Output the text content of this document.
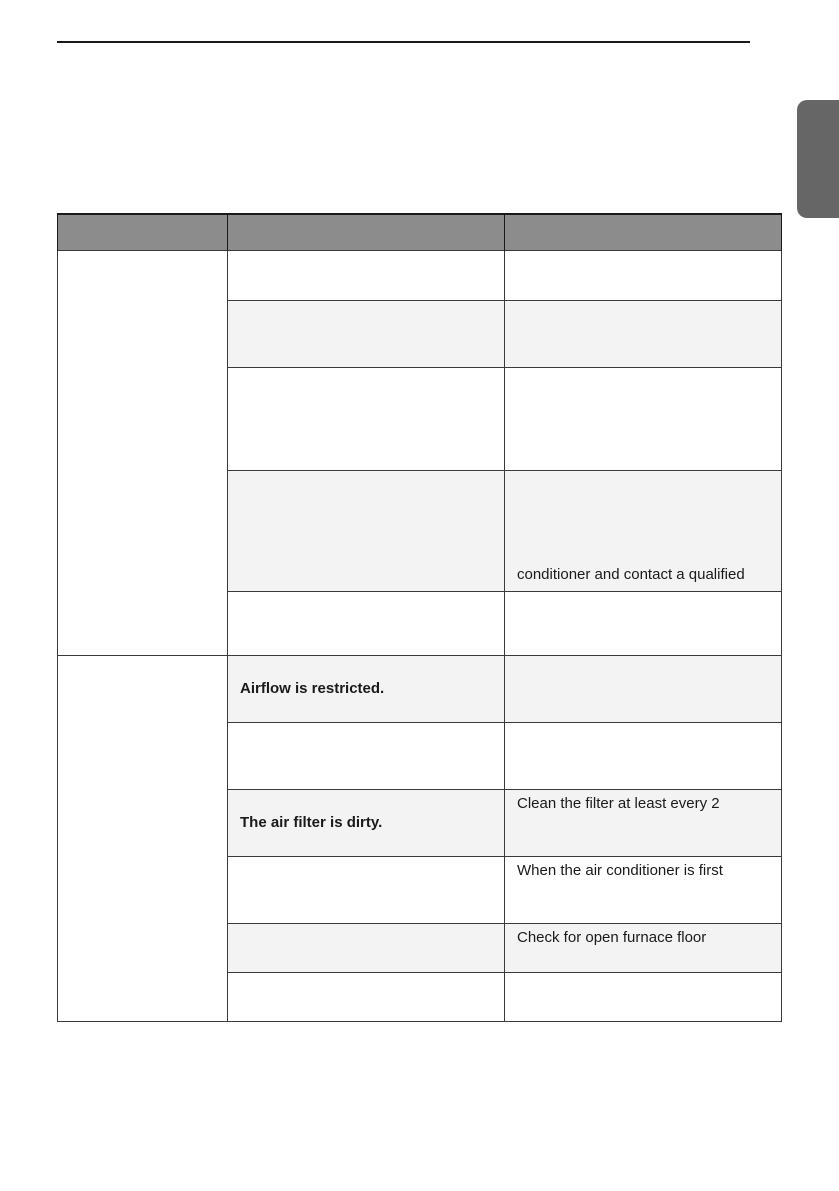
		conditioner and contact a qualified

	Airflow is restricted.	

	The air filter is dirty.	Clean the filter at least every 2
		When the air conditioner is first
		Check for open furnace floor
